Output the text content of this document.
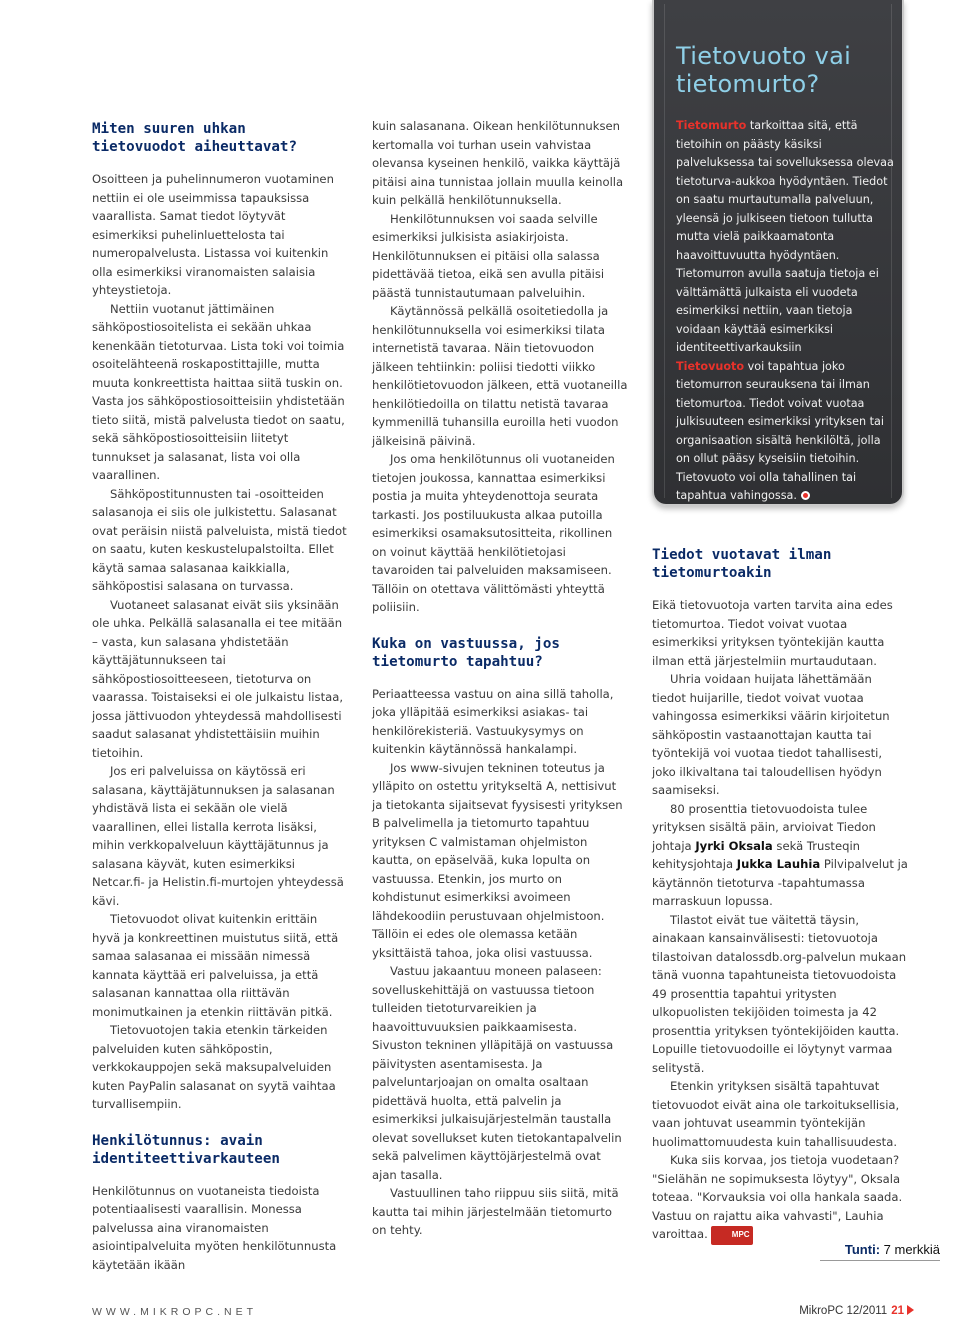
Tietovuoto vai
tietomurto?

Tietomurto tarkoittaa sitä, että tietoihin on päästy käsiksi palveluksessa tai sovelluksessa olevaa tietoturva-aukkoa hyödyntäen. Tiedot on saatu murtautumalla palveluun, yleensä jo julkiseen tietoon tullutta mutta vielä paikkaamatonta haavoittuvuutta hyödyntäen. Tietomurron avulla saatuja tietoja ei välttämättä julkaista eli vuodeta esimerkiksi nettiin, vaan tietoja voidaan käyttää esimerkiksi identiteettivarkauksiin

Tietovuoto voi tapahtua joko tietomurron seurauksena tai ilman tietomurtoa. Tiedot voivat vuotaa julkisuuteen esimerkiksi yrityksen tai organisaation sisältä henkilöltä, jolla on ollut pääsy kyseisiin tietoihin. Tietovuoto voi olla tahallinen tai tapahtua vahingossa.

Miten suuren uhkan tietovuodot aiheuttavat?

Osoitteen ja puhelinnumeron vuotaminen nettiin ei ole useimmissa tapauksissa vaarallista. Samat tiedot löytyvät esimerkiksi puhelinluettelosta tai numeropalvelusta. Listassa voi kuitenkin olla esimerkiksi viranomaisten salaisia yhteystietoja.

Nettiin vuotanut jättimäinen sähköpostiosoitelista ei sekään uhkaa kenenkään tietoturvaa. Lista toki voi toimia osoitelähteenä roskapostittajille, mutta muuta konkreettista haittaa siitä tuskin on. Vasta jos sähköpostiosoitteisiin yhdistetään tieto siitä, mistä palvelusta tiedot on saatu, sekä sähköpostiosoitteisiin liitetyt tunnukset ja salasanat, lista voi olla vaarallinen.

Sähköpostitunnusten tai -osoitteiden salasanoja ei siis ole julkistettu. Salasanat ovat peräisin niistä palveluista, mistä tiedot on saatu, kuten keskustelupalstoilta. Ellet käytä samaa salasanaa kaikkialla, sähköpostisi salasana on turvassa.

Vuotaneet salasanat eivät siis yksinään ole uhka. Pelkällä salasanalla ei tee mitään – vasta, kun salasana yhdistetään käyttäjätunnukseen tai sähköpostiosoitteeseen, tietoturva on vaarassa. Toistaiseksi ei ole julkaistu listaa, jossa jättivuodon yhteydessä mahdollisesti saadut salasanat yhdistettäisiin muihin tietoihin.

Jos eri palveluissa on käytössä eri salasana, käyttäjätunnuksen ja salasanan yhdistävä lista ei sekään ole vielä vaarallinen, ellei listalla kerrota lisäksi, mihin verkkopalveluun käyttäjätunnus ja salasana käyvät, kuten esimerkiksi Netcar.fi- ja Helistin.fi-murtojen yhteydessä kävi.

Tietovuodot olivat kuitenkin erittäin hyvä ja konkreettinen muistutus siitä, että samaa salasanaa ei missään nimessä kannata käyttää eri palveluissa, ja että salasanan kannattaa olla riittävän monimutkainen ja etenkin riittävän pitkä.

Tietovuotojen takia etenkin tärkeiden palveluiden kuten sähköpostin, verkkokauppojen sekä maksupalveluiden kuten PayPalin salasanat on syytä vaihtaa turvallisempiin.

Henkilötunnus: avain identiteettivarkauteen

Henkilötunnus on vuotaneista tiedoista potentiaalisesti vaarallisin. Monessa palvelussa aina viranomaisten asiointipalveluita myöten henkilötunnusta käytetään ikään

kuin salasanana. Oikean henkilötunnuksen kertomalla voi turhan usein vahvistaa olevansa kyseinen henkilö, vaikka käyttäjä pitäisi aina tunnistaa jollain muulla keinolla kuin pelkällä henkilötunnuksella.

Henkilötunnuksen voi saada selville esimerkiksi julkisista asiakirjoista. Henkilötunnuksen ei pitäisi olla salassa pidettävää tietoa, eikä sen avulla pitäisi päästä tunnistautumaan palveluihin.

Käytännössä pelkällä osoitetiedolla ja henkilötunnuksella voi esimerkiksi tilata internetistä tavaraa. Näin tietovuodon jälkeen tehtiinkin: poliisi tiedotti viikko henkilötietovuodon jälkeen, että vuotaneilla henkilötiedoilla on tilattu netistä tavaraa kymmenillä tuhansilla euroilla heti vuodon jälkeisinä päivinä.

Jos oma henkilötunnus oli vuotaneiden tietojen joukossa, kannattaa esimerkiksi postia ja muita yhteydenottoja seurata tarkasti. Jos postiluukusta alkaa putoilla esimerkiksi osamaksutositteita, rikollinen on voinut käyttää henkilötietojasi tavaroiden tai palveluiden maksamiseen. Tällöin on otettava välittömästi yhteyttä poliisiin.

Kuka on vastuussa, jos tietomurto tapahtuu?

Periaatteessa vastuu on aina sillä taholla, joka ylläpitää esimerkiksi asiakas- tai henkilörekisteriä. Vastuukysymys on kuitenkin käytännössä hankalampi.

Jos www-sivujen tekninen toteutus ja ylläpito on ostettu yritykseltä A, nettisivut ja tietokanta sijaitsevat fyysisesti yrityksen B palvelimella ja tietomurto tapahtuu yrityksen C valmistaman ohjelmiston kautta, on epäselvää, kuka lopulta on vastuussa. Etenkin, jos murto on kohdistunut esimerkiksi avoimeen lähdekoodiin perustuvaan ohjelmistoon. Tällöin ei edes ole olemassa ketään yksittäistä tahoa, joka olisi vastuussa.

Vastuu jakaantuu moneen palaseen: sovelluskehittäjä on vastuussa tietoon tulleiden tietoturvareikien ja haavoittuvuuksien paikkaamisesta. Sivuston tekninen ylläpitäjä on vastuussa päivitysten asentamisesta. Ja palveluntarjoajan on omalta osaltaan pidettävä huolta, että palvelin ja esimerkiksi julkaisujärjestelmän taustalla olevat sovellukset kuten tietokantapalvelin sekä palvelimen käyttöjärjestelmä ovat ajan tasalla.

Vastuullinen taho riippuu siis siitä, mitä kautta tai mihin järjestelmään tietomurto on tehty.

Tiedot vuotavat ilman tietomurtoakin

Eikä tietovuotoja varten tarvita aina edes tietomurtoa. Tiedot voivat vuotaa esimerkiksi yrityksen työntekijän kautta ilman että järjestelmiin murtaudutaan.

Uhria voidaan huijata lähettämään tiedot huijarille, tiedot voivat vuotaa vahingossa esimerkiksi väärin kirjoitetun sähköpostin vastaanottajan kautta tai työntekijä voi vuotaa tiedot tahallisesti, joko ilkivaltana tai taloudellisen hyödyn saamiseksi.

80 prosenttia tietovuodoista tulee yrityksen sisältä päin, arvioivat Tiedon johtaja Jyrki Oksala sekä Trusteqin kehitysjohtaja Jukka Lauhia Pilvipalvelut ja käytännön tietoturva -tapahtumassa marraskuun lopussa.

Tilastot eivät tue väitettä täysin, ainakaan kansainvälisesti: tietovuotoja tilastoivan datalossdb.org-palvelun mukaan tänä vuonna tapahtuneista tietovuodoista 49 prosenttia tapahtui yritysten ulkopuolisten tekijöiden toimesta ja 42 prosenttia yrityksen työntekijöiden kautta. Lopuille tietovuodoille ei löytynyt varmaa selitystä.

Etenkin yrityksen sisältä tapahtuvat tietovuodot eivät aina ole tarkoituksellisia, vaan johtuvat useammin työntekijän huolimattomuudesta kuin tahallisuudesta.

Kuka siis korvaa, jos tietoja vuodetaan? "Sielähän ne sopimuksesta löytyy", Oksala toteaa. "Korvauksia voi olla hankala saada. Vastuu on rajattu aika vahvasti", Lauhia varoittaa.	MPC

Tunti: 7 merkkiä
WWW.MIKROPC.NET	MikroPC 12/2011 21
